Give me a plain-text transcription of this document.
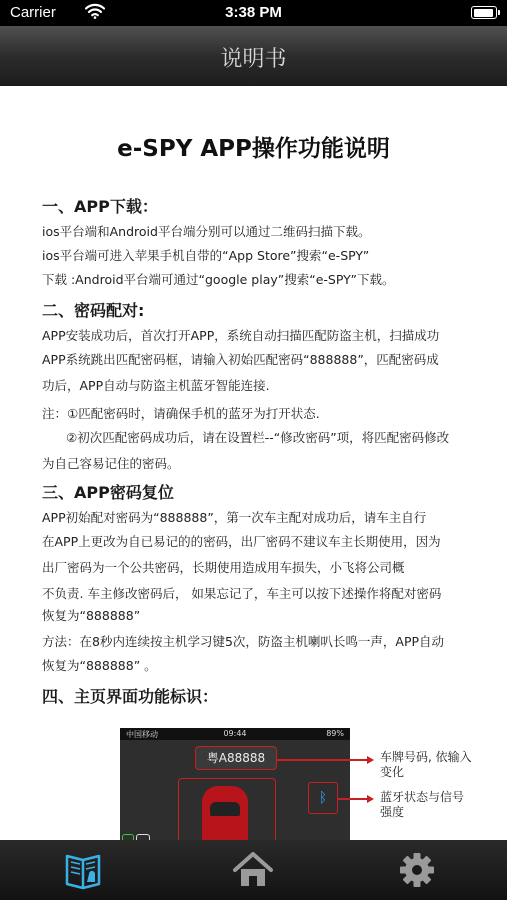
Carrier	3:38 PM
说明书
e-SPY APP操作功能说明
一、APP下载：
ios平台端和Android平台端分别可以通过二维码扫描下载。
ios平台端可进入苹果手机自带的“App Store”搜索“e-SPY”
下载 :Android平台端可通过“google play”搜索“e-SPY”下载。
二、密码配对:
APP安装成功后，首次打开APP，系统自动扫描匹配防盗主机，扫描成功
APP系统跳出匹配密码框，请输入初始匹配密码“888888”，匹配密码成
功后，APP自动与防盗主机蓝牙智能连接.
注：①匹配密码时，请确保手机的蓝牙为打开状态.
②初次匹配密码成功后，请在设置栏--“修改密码”项，将匹配密码修改
为自己容易记住的密码。
三、APP密码复位
APP初始配对密码为“888888”，第一次车主配对成功后，请车主自行
在APP上更改为自已易记的的密码，出厂密码不建议车主长期使用，因为
出厂密码为一个公共密码，长期使用造成用车损失，小飞将公司概
不负责. 车主修改密码后， 如果忘记了，车主可以按下述操作将配对密码
恢复为“888888”
方法：在8秒内连续按主机学习键5次，防盗主机喇叭长鸣一声，APP自动
恢复为“888888” 。
四、主页界面功能标识：
中国移动	09:44	89%
粤A88888
ᛒ
车牌号码, 依输入
变化
蓝牙状态与信号
强度
